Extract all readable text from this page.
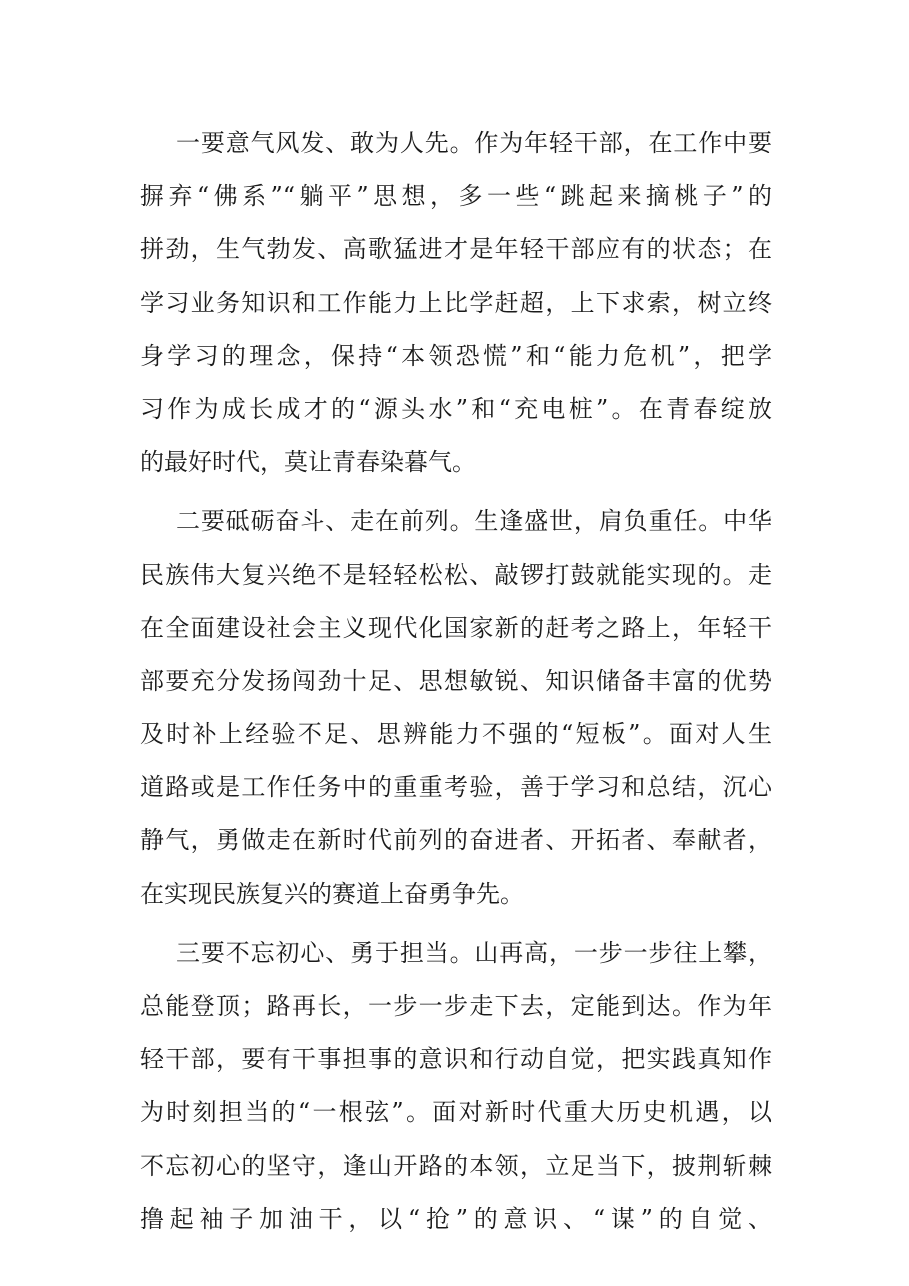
一要意气风发、敢为人先。作为年轻干部，在工作中要
摒弃“佛系”“躺平”思想，多一些“跳起来摘桃子”的
拼劲，生气勃发、高歌猛进才是年轻干部应有的状态；在
学习业务知识和工作能力上比学赶超，上下求索，树立终
身学习的理念，保持“本领恐慌”和“能力危机”，把学
习作为成长成才的“源头水”和“充电桩”。在青春绽放
的最好时代，莫让青春染暮气。
二要砥砺奋斗、走在前列。生逢盛世，肩负重任。中华
民族伟大复兴绝不是轻轻松松、敲锣打鼓就能实现的。走
在全面建设社会主义现代化国家新的赶考之路上，年轻干
部要充分发扬闯劲十足、思想敏锐、知识储备丰富的优势
及时补上经验不足、思辨能力不强的“短板”。面对人生
道路或是工作任务中的重重考验，善于学习和总结，沉心
静气，勇做走在新时代前列的奋进者、开拓者、奉献者，
在实现民族复兴的赛道上奋勇争先。
三要不忘初心、勇于担当。山再高，一步一步往上攀，
总能登顶；路再长，一步一步走下去，定能到达。作为年
轻干部，要有干事担事的意识和行动自觉，把实践真知作
为时刻担当的“一根弦”。面对新时代重大历史机遇，以
不忘初心的坚守，逢山开路的本领，立足当下，披荆斩棘
撸起袖子加油干，以“抢”的意识、“谋”的自觉、
